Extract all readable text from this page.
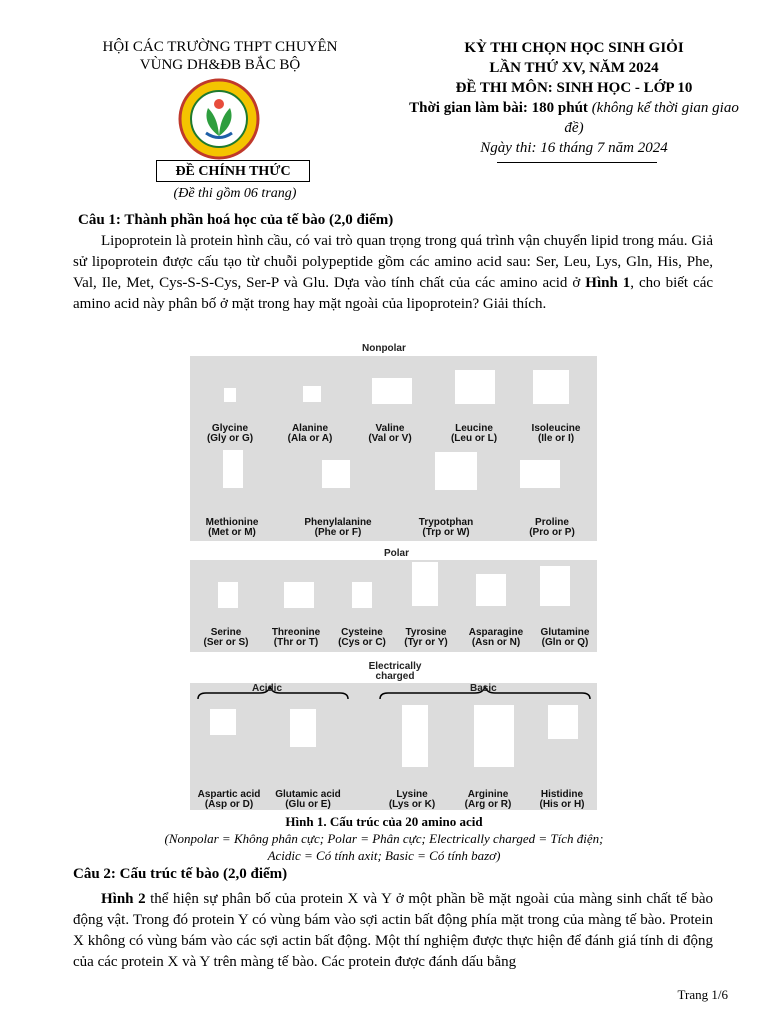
HỘI CÁC TRƯỜNG THPT CHUYÊN
VÙNG DH&ĐB BẮC BỘ
ĐỀ CHÍNH THỨC
(Đề thi gồm 06 trang)
KỲ THI CHỌN HỌC SINH GIỎI
LẦN THỨ XV, NĂM 2024
ĐỀ THI MÔN: SINH HỌC - LỚP 10
Thời gian làm bài: 180 phút (không kể thời gian giao
đề)
Ngày thi: 16 tháng 7 năm 2024
Câu 1: Thành phần hoá học của tế bào (2,0 điểm)
Lipoprotein là protein hình cầu, có vai trò quan trọng trong quá trình vận chuyển lipid trong máu. Giả sử lipoprotein được cấu tạo từ chuỗi polypeptide gồm các amino acid sau: Ser, Leu, Lys, Gln, His, Phe, Val, Ile, Met, Cys-S-S-Cys, Ser-P và Glu. Dựa vào tính chất của các amino acid ở Hình 1, cho biết các amino acid này phân bố ở mặt trong hay mặt ngoài của lipoprotein? Giải thích.
Nonpolar
Glycine
(Gly or G)
Alanine
(Ala or A)
Valine
(Val or V)
Leucine
(Leu or L)
Isoleucine
(Ile or I)
Methionine
(Met or M)
Phenylalanine
(Phe or F)
Trypotphan
(Trp or W)
Proline
(Pro or P)
Polar
Serine
(Ser or S)
Threonine
(Thr or T)
Cysteine
(Cys or C)
Tyrosine
(Tyr or Y)
Asparagine
(Asn or N)
Glutamine
(Gln or Q)
Electrically
charged
Acidic	Basic
Aspartic acid
(Asp or D)
Glutamic acid
(Glu or E)
Lysine
(Lys or K)
Arginine
(Arg or R)
Histidine
(His or H)
Hình 1. Cấu trúc của 20 amino acid
(Nonpolar = Không phân cực; Polar = Phân cực; Electrically charged = Tích điện;
Acidic = Có tính axit; Basic = Có tính bazơ)
Câu 2: Cấu trúc tế bào (2,0 điểm)
Hình 2 thể hiện sự phân bố của protein X và Y ở một phần bề mặt ngoài của màng sinh chất tế bào động vật. Trong đó protein Y có vùng bám vào sợi actin bất động phía mặt trong của màng tế bào. Protein X không có vùng bám vào các sợi actin bất động. Một thí nghiệm được thực hiện để đánh giá tính di động của các protein X và Y trên màng tế bào. Các protein được đánh dấu bằng
Trang 1/6
